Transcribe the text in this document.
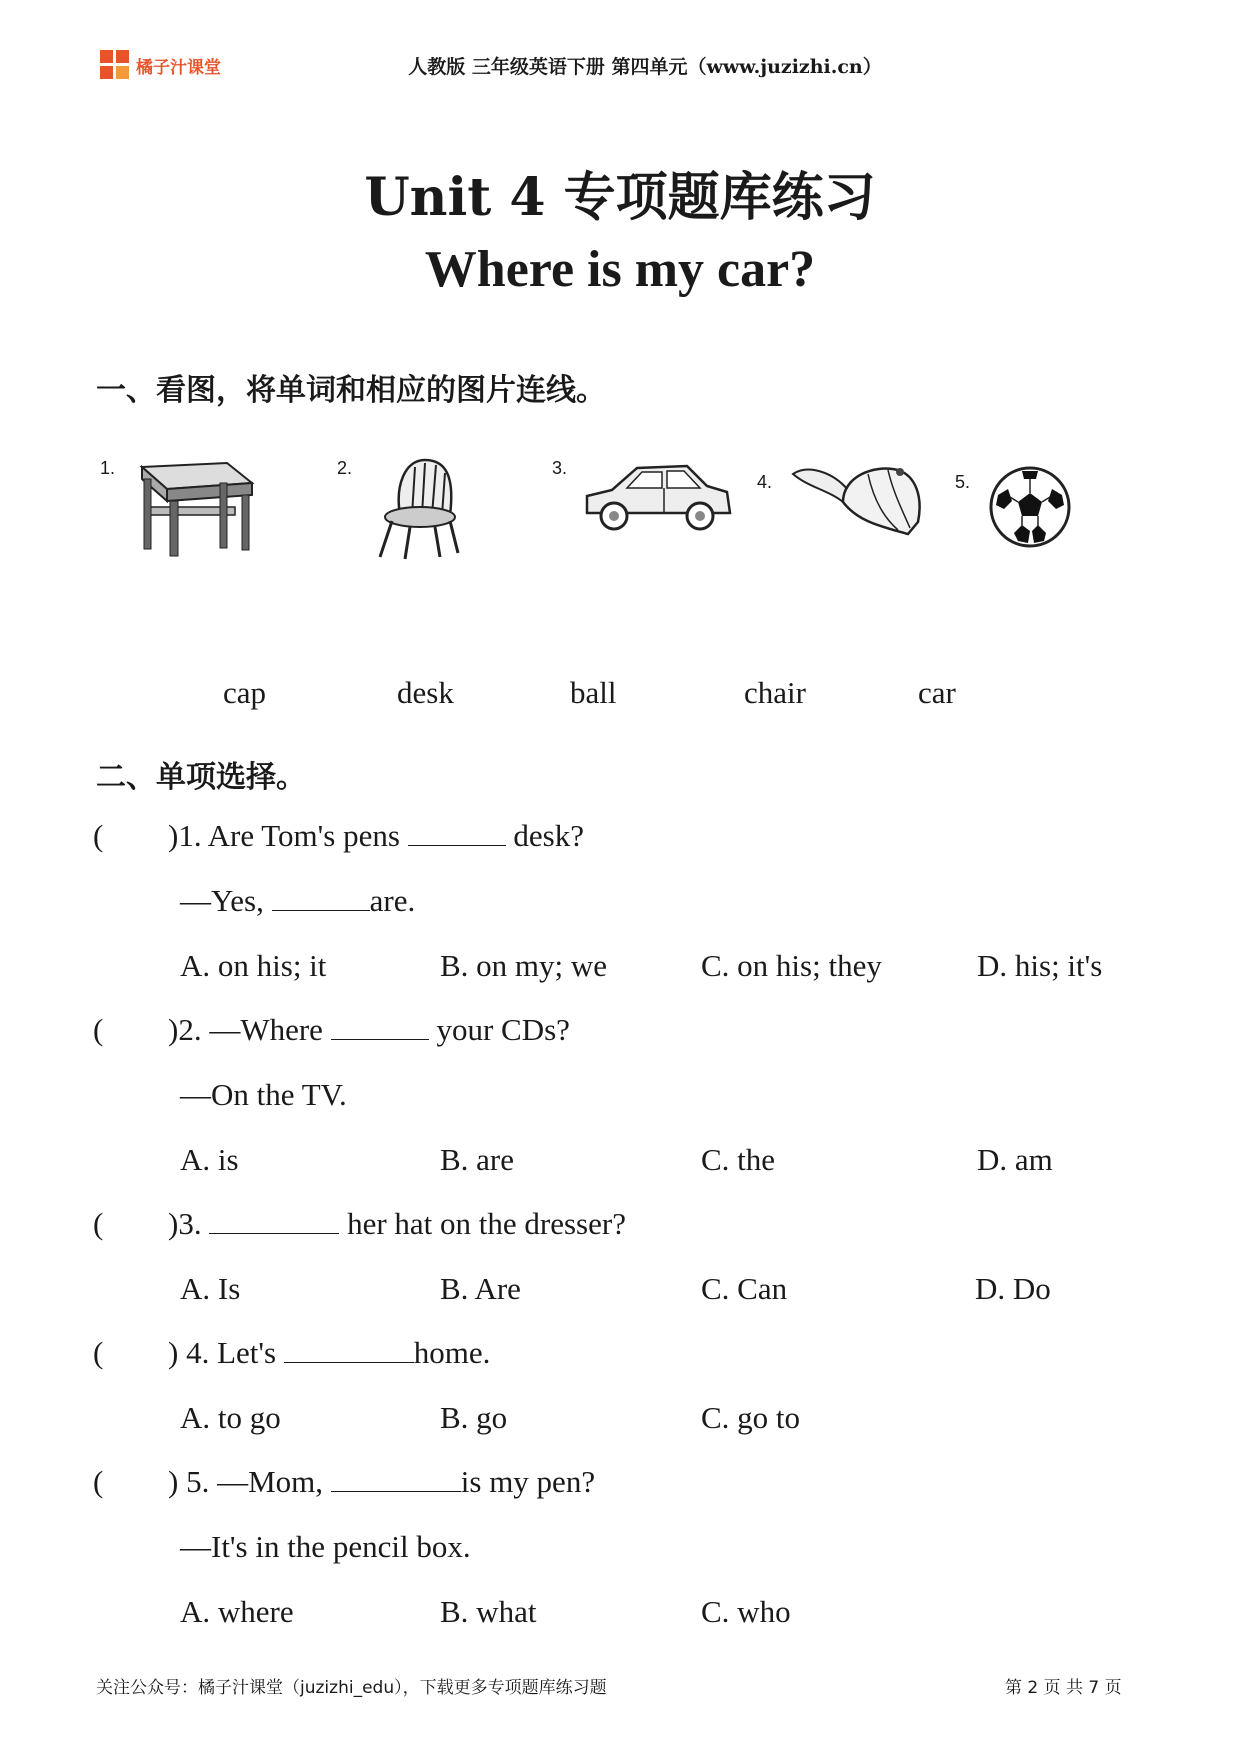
橘子汁课堂	人教版 三年级英语下册 第四单元（www.juzizhi.cn）
Unit 4 专项题库练习
Where is my car?
一、看图，将单词和相应的图片连线。
1.	2.	3.
4.	5.
cap	desk	ball	chair	car
二、单项选择。
( )1. Are Tom's pens	desk?
—Yes,	are.
A. on his; it	B. on my; we	C. on his; they	D. his; it's
( )2. —Where	your CDs?
—On the TV.
A. is	B. are	C. the	D. am
( )3.	her hat on the dresser?
A. Is	B. Are	C. Can	D. Do
( ) 4. Let's	home.
A. to go	B. go	C. go to
( ) 5. —Mom,	is my pen?
—It's in the pencil box.
A. where	B. what	C. who
关注公众号：橘子汁课堂（juzizhi_edu），下载更多专项题库练习题	第 2 页 共 7 页
